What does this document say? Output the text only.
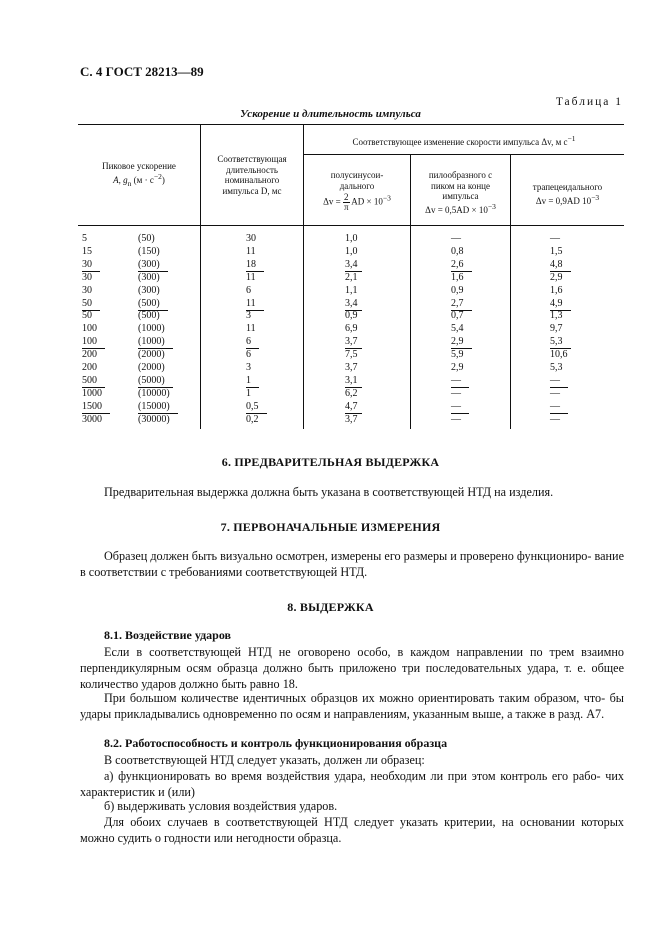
С. 4 ГОСТ 28213—89
Таблица 1
Ускорение и длительность импульса
Пиковое ускорение
A, $g_n$ $(м \cdot с^{-2})$
Соответствующая
длительность
номинального
импульса D, мс
Соответствующее изменение скорости импульса Δv, м $с^{-1}$
полусинусои-
дального
$\Delta v = \frac{2}{\pi}$ AD × $10^{-3}$
пилообразного с
пиком на конце
импульса
$\Delta v = 0,5AD \times 10^{-3}$
трапецеидального
Δv = 0,9AD $10^{-3}$
5	(50)	30	1,0	—	—
15	(150)	11	1,0	0,8	1,5
30	(300)	18	3,4	2,6	4,8
30	(300)	11	2,1	1,6	2,9
30	(300)	6	1,1	0,9	1,6
50	(500)	11	3,4	2,7	4,9
50	(500)	3	0,9	0,7	1,3
100	(1000)	11	6,9	5,4	9,7
100	(1000)	6	3,7	2,9	5,3
200	(2000)	6	7,5	5,9	10,6
200	(2000)	3	3,7	2,9	5,3
500	(5000)	1	3,1	—	—
1000	(10000)	1	6,2	—	—
1500	(15000)	0,5	4,7	—	—
3000	(30000)	0,2	3,7	—	—
6. ПРЕДВАРИТЕЛЬНАЯ ВЫДЕРЖКА
Предварительная выдержка должна быть указана в соответствующей НТД на изделия.
7. ПЕРВОНАЧАЛЬНЫЕ ИЗМЕРЕНИЯ
Образец должен быть визуально осмотрен, измерены его размеры и проверено функциониро- вание в соответствии с требованиями соответствующей НТД.
8. ВЫДЕРЖКА
8.1. Воздействие ударов
Если в соответствующей НТД не оговорено особо, в каждом направлении по трем взаимно перпендикулярным осям образца должно быть приложено три последовательных удара, т. е. общее количество ударов должно быть равно 18.
При большом количестве идентичных образцов их можно ориентировать таким образом, что- бы удары прикладывались одновременно по осям и направлениям, указанным выше, а также в разд. А7.
8.2. Работоспособность и контроль функционирования образца
В соответствующей НТД следует указать, должен ли образец:
а) функционировать во время воздействия удара, необходим ли при этом контроль его рабо- чих характеристик и (или)
б) выдерживать условия воздействия ударов.
Для обоих случаев в соответствующей НТД следует указать критерии, на основании которых можно судить о годности или негодности образца.
